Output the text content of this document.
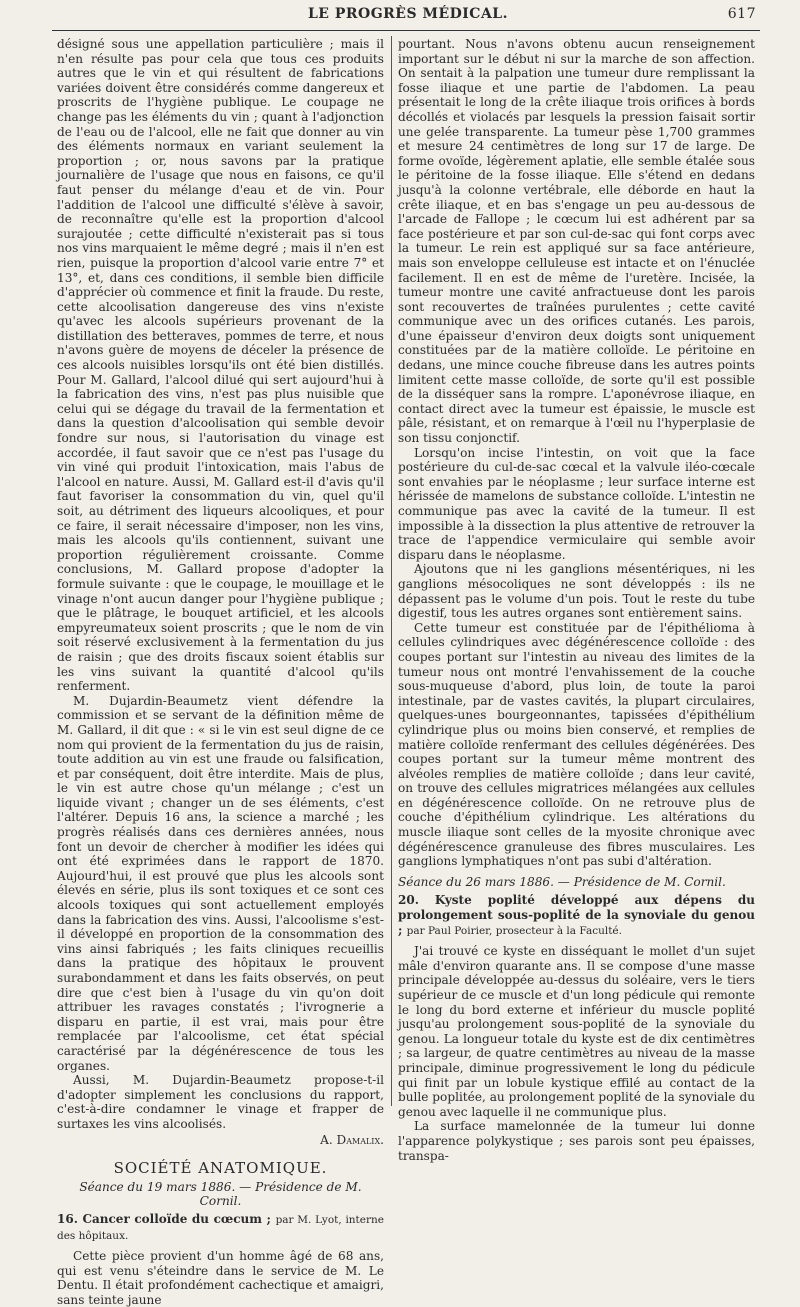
LE PROGRÈS MÉDICAL.	617

désigné sous une appellation particulière ; mais il n'en résulte pas pour cela que tous ces produits autres que le vin et qui résultent de fabrications variées doivent être considérés comme dangereux et proscrits de l'hygiène publique. Le coupage ne change pas les éléments du vin ; quant à l'adjonction de l'eau ou de l'alcool, elle ne fait que donner au vin des éléments normaux en variant seulement la proportion ; or, nous savons par la pratique journalière de l'usage que nous en faisons, ce qu'il faut penser du mélange d'eau et de vin. Pour l'addition de l'alcool une difficulté s'élève à savoir, de reconnaître qu'elle est la proportion d'alcool surajoutée ; cette difficulté n'existerait pas si tous nos vins marquaient le même degré ; mais il n'en est rien, puisque la proportion d'alcool varie entre 7° et 13°, et, dans ces conditions, il semble bien difficile d'apprécier où commence et finit la fraude. Du reste, cette alcoolisation dangereuse des vins n'existe qu'avec les alcools supérieurs provenant de la distillation des betteraves, pommes de terre, et nous n'avons guère de moyens de déceler la présence de ces alcools nuisibles lorsqu'ils ont été bien distillés. Pour M. Gallard, l'alcool dilué qui sert aujourd'hui à la fabrication des vins, n'est pas plus nuisible que celui qui se dégage du travail de la fermentation et dans la question d'alcoolisation qui semble devoir fondre sur nous, si l'autorisation du vinage est accordée, il faut savoir que ce n'est pas l'usage du vin viné qui produit l'intoxication, mais l'abus de l'alcool en nature. Aussi, M. Gallard est-il d'avis qu'il faut favoriser la consommation du vin, quel qu'il soit, au détriment des liqueurs alcooliques, et pour ce faire, il serait nécessaire d'imposer, non les vins, mais les alcools qu'ils contiennent, suivant une proportion régulièrement croissante. Comme conclusions, M. Gallard propose d'adopter la formule suivante : que le coupage, le mouillage et le vinage n'ont aucun danger pour l'hygiène publique ; que le plâtrage, le bouquet artificiel, et les alcools empyreumateux soient proscrits ; que le nom de vin soit réservé exclusivement à la fermentation du jus de raisin ; que des droits fiscaux soient établis sur les vins suivant la quantité d'alcool qu'ils renferment.

M. Dujardin-Beaumetz vient défendre la commission et se servant de la définition même de M. Gallard, il dit que : « si le vin est seul digne de ce nom qui provient de la fermentation du jus de raisin, toute addition au vin est une fraude ou falsification, et par conséquent, doit être interdite. Mais de plus, le vin est autre chose qu'un mélange ; c'est un liquide vivant ; changer un de ses éléments, c'est l'altérer. Depuis 16 ans, la science a marché ; les progrès réalisés dans ces dernières années, nous font un devoir de chercher à modifier les idées qui ont été exprimées dans le rapport de 1870. Aujourd'hui, il est prouvé que plus les alcools sont élevés en série, plus ils sont toxiques et ce sont ces alcools toxiques qui sont actuellement employés dans la fabrication des vins. Aussi, l'alcoolisme s'est-il développé en proportion de la consommation des vins ainsi fabriqués ; les faits cliniques recueillis dans la pratique des hôpitaux le prouvent surabondamment et dans les faits observés, on peut dire que c'est bien à l'usage du vin qu'on doit attribuer les ravages constatés ; l'ivrognerie a disparu en partie, il est vrai, mais pour être remplacée par l'alcoolisme, cet état spécial caractérisé par la dégénérescence de tous les organes.

Aussi, M. Dujardin-Beaumetz propose-t-il d'adopter simplement les conclusions du rapport, c'est-à-dire condamner le vinage et frapper de surtaxes les vins alcoolisés.

A. Damalix.
SOCIÉTÉ ANATOMIQUE.
Séance du 19 mars 1886. — Présidence de M. Cornil.

16. Cancer colloïde du cœcum ; par M. Lyot, interne des hôpitaux.

Cette pièce provient d'un homme âgé de 68 ans, qui est venu s'éteindre dans le service de M. Le Dentu. Il était profondément cachectique et amaigri, sans teinte jaune

pourtant. Nous n'avons obtenu aucun renseignement important sur le début ni sur la marche de son affection. On sentait à la palpation une tumeur dure remplissant la fosse iliaque et une partie de l'abdomen. La peau présentait le long de la crête iliaque trois orifices à bords décollés et violacés par lesquels la pression faisait sortir une gelée transparente. La tumeur pèse 1,700 grammes et mesure 24 centimètres de long sur 17 de large. De forme ovoïde, légèrement aplatie, elle semble étalée sous le péritoine de la fosse iliaque. Elle s'étend en dedans jusqu'à la colonne vertébrale, elle déborde en haut la crête iliaque, et en bas s'engage un peu au-dessous de l'arcade de Fallope ; le cœcum lui est adhérent par sa face postérieure et par son cul-de-sac qui font corps avec la tumeur. Le rein est appliqué sur sa face antérieure, mais son enveloppe celluleuse est intacte et on l'énuclée facilement. Il en est de même de l'uretère. Incisée, la tumeur montre une cavité anfractueuse dont les parois sont recouvertes de traînées purulentes ; cette cavité communique avec un des orifices cutanés. Les parois, d'une épaisseur d'environ deux doigts sont uniquement constituées par de la matière colloïde. Le péritoine en dedans, une mince couche fibreuse dans les autres points limitent cette masse colloïde, de sorte qu'il est possible de la disséquer sans la rompre. L'aponévrose iliaque, en contact direct avec la tumeur est épaissie, le muscle est pâle, résistant, et on remarque à l'œil nu l'hyperplasie de son tissu conjonctif.

Lorsqu'on incise l'intestin, on voit que la face postérieure du cul-de-sac cœcal et la valvule iléo-cœcale sont envahies par le néoplasme ; leur surface interne est hérissée de mamelons de substance colloïde. L'intestin ne communique pas avec la cavité de la tumeur. Il est impossible à la dissection la plus attentive de retrouver la trace de l'appendice vermiculaire qui semble avoir disparu dans le néoplasme.

Ajoutons que ni les ganglions mésentériques, ni les ganglions mésocoliques ne sont développés : ils ne dépassent pas le volume d'un pois. Tout le reste du tube digestif, tous les autres organes sont entièrement sains.

Cette tumeur est constituée par de l'épithélioma à cellules cylindriques avec dégénérescence colloïde : des coupes portant sur l'intestin au niveau des limites de la tumeur nous ont montré l'envahissement de la couche sous-muqueuse d'abord, plus loin, de toute la paroi intestinale, par de vastes cavités, la plupart circulaires, quelques-unes bourgeonnantes, tapissées d'épithélium cylindrique plus ou moins bien conservé, et remplies de matière colloïde renfermant des cellules dégénérées. Des coupes portant sur la tumeur même montrent des alvéoles remplies de matière colloïde ; dans leur cavité, on trouve des cellules migratrices mélangées aux cellules en dégénérescence colloïde. On ne retrouve plus de couche d'épithélium cylindrique. Les altérations du muscle iliaque sont celles de la myosite chronique avec dégénérescence granuleuse des fibres musculaires. Les ganglions lymphatiques n'ont pas subi d'altération.

Séance du 26 mars 1886. — Présidence de M. Cornil.

20. Kyste poplité développé aux dépens du prolongement sous-poplité de la synoviale du genou ; par Paul Poirier, prosecteur à la Faculté.

J'ai trouvé ce kyste en disséquant le mollet d'un sujet mâle d'environ quarante ans. Il se compose d'une masse principale développée au-dessus du soléaire, vers le tiers supérieur de ce muscle et d'un long pédicule qui remonte le long du bord externe et inférieur du muscle poplité jusqu'au prolongement sous-poplité de la synoviale du genou. La longueur totale du kyste est de dix centimètres ; sa largeur, de quatre centimètres au niveau de la masse principale, diminue progressivement le long du pédicule qui finit par un lobule kystique effilé au contact de la bulle poplitée, au prolongement poplité de la synoviale du genou avec laquelle il ne communique plus.

La surface mamelonnée de la tumeur lui donne l'apparence polykystique ; ses parois sont peu épaisses, transpa-
